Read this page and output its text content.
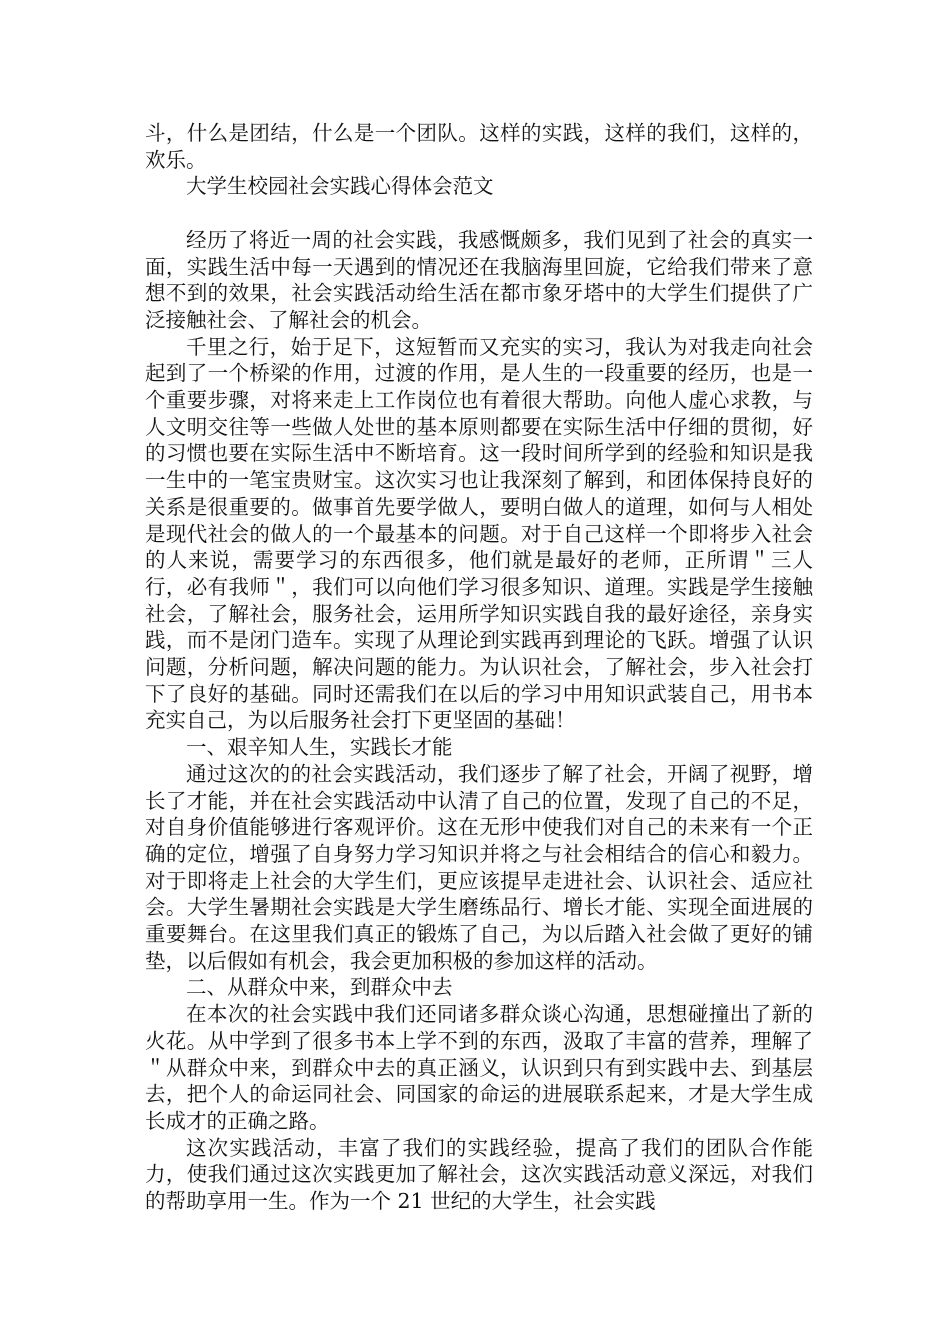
斗，什么是团结，什么是一个团队。这样的实践，这样的我们，这样的，欢乐。

大学生校园社会实践心得体会范文

经历了将近一周的社会实践，我感慨颇多，我们见到了社会的真实一面，实践生活中每一天遇到的情况还在我脑海里回旋，它给我们带来了意想不到的效果，社会实践活动给生活在都市象牙塔中的大学生们提供了广泛接触社会、了解社会的机会。

千里之行，始于足下，这短暂而又充实的实习，我认为对我走向社会起到了一个桥梁的作用，过渡的作用，是人生的一段重要的经历，也是一个重要步骤，对将来走上工作岗位也有着很大帮助。向他人虚心求教，与人文明交往等一些做人处世的基本原则都要在实际生活中仔细的贯彻，好的习惯也要在实际生活中不断培育。这一段时间所学到的经验和知识是我一生中的一笔宝贵财宝。这次实习也让我深刻了解到，和团体保持良好的关系是很重要的。做事首先要学做人，要明白做人的道理，如何与人相处是现代社会的做人的一个最基本的问题。对于自己这样一个即将步入社会的人来说，需要学习的东西很多，他们就是最好的老师，正所谓＂三人行，必有我师＂，我们可以向他们学习很多知识、道理。实践是学生接触社会，了解社会，服务社会，运用所学知识实践自我的最好途径，亲身实践，而不是闭门造车。实现了从理论到实践再到理论的飞跃。增强了认识问题，分析问题，解决问题的能力。为认识社会，了解社会，步入社会打下了良好的基础。同时还需我们在以后的学习中用知识武装自己，用书本充实自己，为以后服务社会打下更坚固的基础！

一、艰辛知人生，实践长才能

通过这次的的社会实践活动，我们逐步了解了社会，开阔了视野，增长了才能，并在社会实践活动中认清了自己的位置，发现了自己的不足，对自身价值能够进行客观评价。这在无形中使我们对自己的未来有一个正确的定位，增强了自身努力学习知识并将之与社会相结合的信心和毅力。对于即将走上社会的大学生们，更应该提早走进社会、认识社会、适应社会。大学生暑期社会实践是大学生磨练品行、增长才能、实现全面进展的重要舞台。在这里我们真正的锻炼了自己，为以后踏入社会做了更好的铺垫，以后假如有机会，我会更加积极的参加这样的活动。

二、从群众中来，到群众中去

在本次的社会实践中我们还同诸多群众谈心沟通，思想碰撞出了新的火花。从中学到了很多书本上学不到的东西，汲取了丰富的营养，理解了＂从群众中来，到群众中去的真正涵义，认识到只有到实践中去、到基层去，把个人的命运同社会、同国家的命运的进展联系起来，才是大学生成长成才的正确之路。

这次实践活动，丰富了我们的实践经验，提高了我们的团队合作能力，使我们通过这次实践更加了解社会，这次实践活动意义深远，对我们的帮助享用一生。作为一个 21 世纪的大学生，社会实践
